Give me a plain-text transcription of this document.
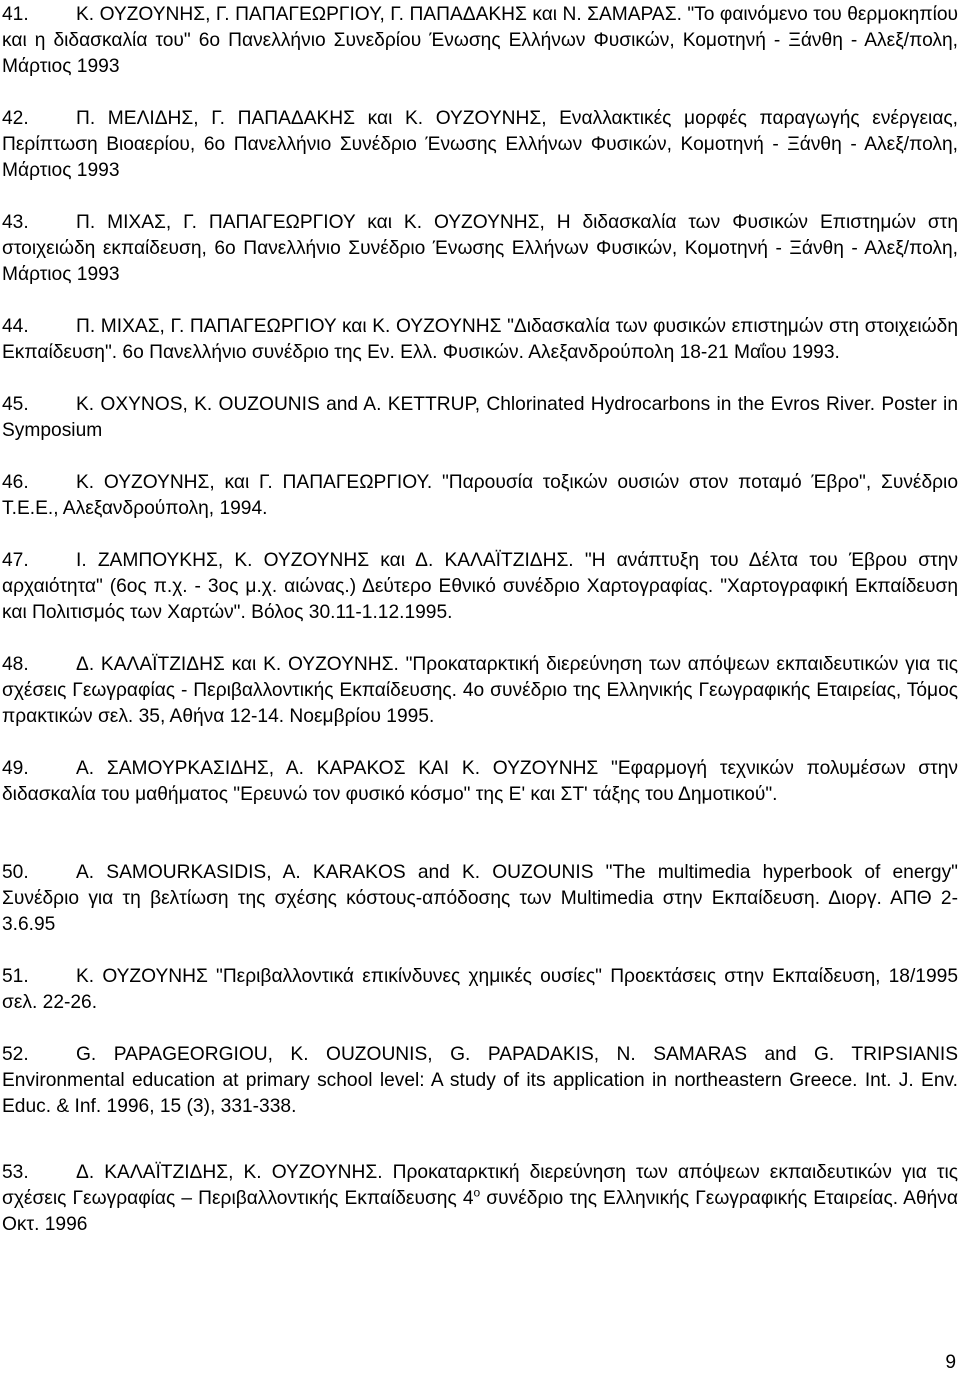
41. Κ. ΟΥΖΟΥΝΗΣ, Γ. ΠΑΠΑΓΕΩΡΓΙΟΥ, Γ. ΠΑΠΑΔΑΚΗΣ και Ν. ΣΑΜΑΡΑΣ. "Το φαινόμενο του θερμοκηπίου και η διδασκαλία του" 6ο Πανελλήνιο Συνεδρίου Ένωσης Ελλήνων Φυσικών, Κομοτηνή - Ξάνθη - Αλεξ/πολη, Μάρτιος 1993

42. Π. ΜΕΛΙΔΗΣ, Γ. ΠΑΠΑΔΑΚΗΣ και Κ. ΟΥΖΟΥΝΗΣ, Εναλλακτικές μορφές παραγωγής ενέργειας, Περίπτωση Βιοαερίου, 6ο Πανελλήνιο Συνέδριο Ένωσης Ελλήνων Φυσικών, Κομοτηνή - Ξάνθη - Αλεξ/πολη, Μάρτιος 1993

43. Π. ΜΙΧΑΣ, Γ. ΠΑΠΑΓΕΩΡΓΙΟΥ και Κ. ΟΥΖΟΥΝΗΣ, Η διδασκαλία των Φυσικών Επιστημών στη στοιχειώδη εκπαίδευση, 6ο Πανελλήνιο Συνέδριο Ένωσης Ελλήνων Φυσικών, Κομοτηνή - Ξάνθη - Αλεξ/πολη, Μάρτιος 1993

44. Π. ΜΙΧΑΣ, Γ. ΠΑΠΑΓΕΩΡΓΙΟΥ και Κ. ΟΥΖΟΥΝΗΣ "Διδασκαλία των φυσικών επιστημών στη στοιχειώδη Εκπαίδευση". 6ο Πανελλήνιο συνέδριο της Εν. Ελλ. Φυσικών. Αλεξανδρούπολη 18-21 Μαΐου 1993.

45. K. OXYNOS, K. OUZOUNIS and A. KETTRUP, Chlorinated Hydrocarbons in the Evros River. Poster in Symposium

46. Κ. ΟΥΖΟΥΝΗΣ, και Γ. ΠΑΠΑΓΕΩΡΓΙΟΥ. "Παρουσία τοξικών ουσιών στον ποταμό Έβρο", Συνέδριο Τ.Ε.Ε., Αλεξανδρούπολη, 1994.

47. Ι. ΖΑΜΠΟΥΚΗΣ, Κ. ΟΥΖΟΥΝΗΣ και Δ. ΚΑΛΑΪΤΖΙΔΗΣ. "Η ανάπτυξη του Δέλτα του Έβρου στην αρχαιότητα" (6ος π.χ. - 3ος μ.χ. αιώνας.) Δεύτερο Εθνικό συνέδριο Χαρτογραφίας. "Χαρτογραφική Εκπαίδευση και Πολιτισμός των Χαρτών". Βόλος 30.11-1.12.1995.

48. Δ. ΚΑΛΑΪΤΖΙΔΗΣ και Κ. ΟΥΖΟΥΝΗΣ. "Προκαταρκτική διερεύνηση των απόψεων εκπαιδευτικών για τις σχέσεις Γεωγραφίας - Περιβαλλοντικής Εκπαίδευσης. 4ο συνέδριο της Ελληνικής Γεωγραφικής Εταιρείας, Τόμος πρακτικών σελ. 35, Αθήνα 12-14. Νοεμβρίου 1995.

49. Α. ΣΑΜΟΥΡΚΑΣΙΔΗΣ, Α. ΚΑΡΑΚΟΣ ΚΑΙ Κ. ΟΥΖΟΥΝΗΣ "Εφαρμογή τεχνικών πολυμέσων στην διδασκαλία του μαθήματος "Ερευνώ τον φυσικό κόσμο" της Ε' και ΣΤ' τάξης του Δημοτικού".

50. A. SAMOURKASIDIS, A. KARAKOS and K. OUZOUNIS "The multimedia hyperbook of energy" Συνέδριο για τη βελτίωση της σχέσης κόστους-απόδοσης των Multimedia στην Εκπαίδευση. Διοργ. ΑΠΘ 2-3.6.95

51. Κ. ΟΥΖΟΥΝΗΣ "Περιβαλλοντικά επικίνδυνες χημικές ουσίες" Προεκτάσεις στην Εκπαίδευση, 18/1995 σελ. 22-26.

52. G. PAPAGEORGIOU, K. OUZOUNIS, G. PAPADAKIS, N. SAMARAS and G. TRIPSIANIS Environmental education at primary school level: A study of its application in northeastern Greece. Int. J. Env. Educ. & Inf. 1996, 15 (3), 331-338.

53. Δ. ΚΑΛΑΪΤΖΙΔΗΣ, Κ. ΟΥΖΟΥΝΗΣ. Προκαταρκτική διερεύνηση των απόψεων εκπαιδευτικών για τις σχέσεις Γεωγραφίας – Περιβαλλοντικής Εκπαίδευσης $4^o$ συνέδριο της Ελληνικής Γεωγραφικής Εταιρείας. Αθήνα Οκτ. 1996

9
